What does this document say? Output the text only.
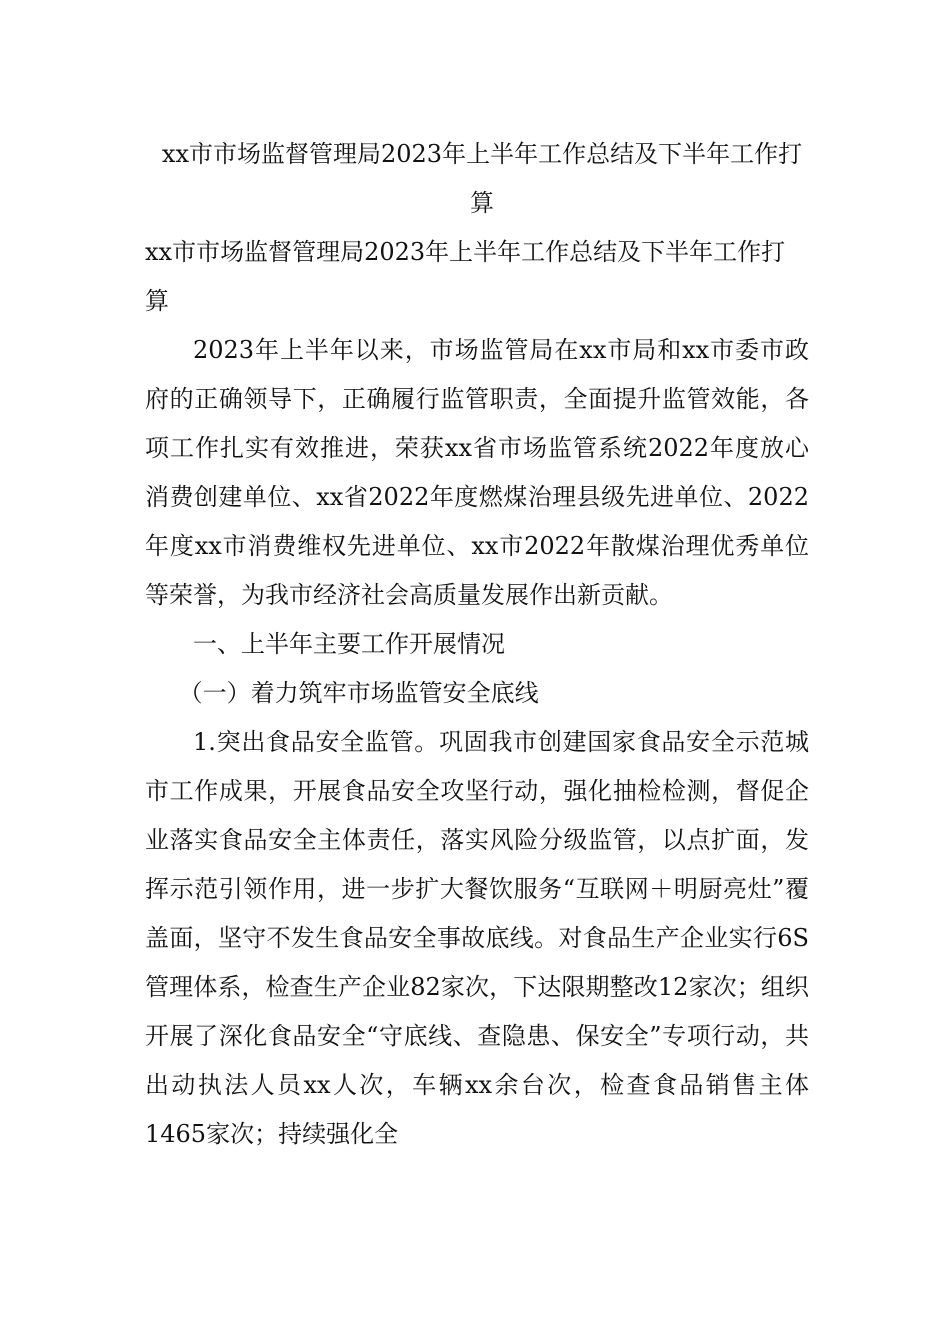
xx市市场监督管理局2023年上半年工作总结及下半年工作打算
xx市市场监督管理局2023年上半年工作总结及下半年工作打算

2023年上半年以来，市场监管局在xx市局和xx市委市政府的正确领导下，正确履行监管职责，全面提升监管效能，各项工作扎实有效推进，荣获xx省市场监管系统2022年度放心消费创建单位、xx省2022年度燃煤治理县级先进单位、2022年度xx市消费维权先进单位、xx市2022年散煤治理优秀单位等荣誉，为我市经济社会高质量发展作出新贡献。

一、上半年主要工作开展情况

（一）着力筑牢市场监管安全底线

1.突出食品安全监管。巩固我市创建国家食品安全示范城市工作成果，开展食品安全攻坚行动，强化抽检检测，督促企业落实食品安全主体责任，落实风险分级监管，以点扩面，发挥示范引领作用，进一步扩大餐饮服务“互联网＋明厨亮灶”覆盖面，坚守不发生食品安全事故底线。对食品生产企业实行6S管理体系，检查生产企业82家次，下达限期整改12家次；组织开展了深化食品安全“守底线、查隐患、保安全”专项行动，共出动执法人员xx人次，车辆xx余台次，检查食品销售主体1465家次；持续强化全
